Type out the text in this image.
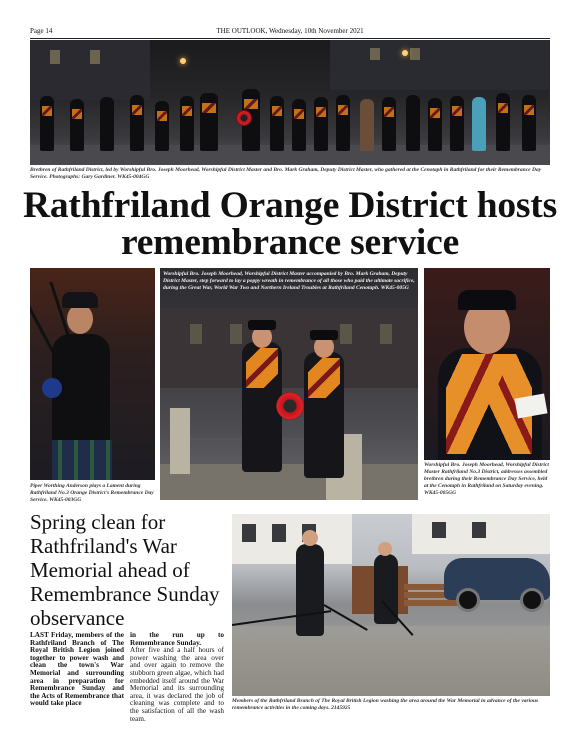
Page 14	THE OUTLOOK, Wednesday, 10th November 2021
Brethren of Rathfriland District, led by Worshipful Bro. Joseph Moorhead, Worshipful District Master and Bro. Mark Graham, Deputy District Master, who gathered at the Cenotaph in Rathfriland for their Remembrance Day Service. Photographs: Gary Gardiner. WK45-004GG
Rathfriland Orange District hosts remembrance service
Piper Worthing Anderson plays a Lament during Rathfriland No.3 Orange District's Remembrance Day Service. WK45-003GG
Worshipful Bro. Joseph Moorhead, Worshipful District Master accompanied by Bro. Mark Graham, Deputy District Master, step forward to lay a poppy wreath in remembrance of all those who paid the ultimate sacrifice, during the Great War, World War Two and Northern Ireland Troubles at Rathfriland Cenotaph. WK45-005G
Worshipful Bro. Joseph Moorhead, Worshipful District Master Rathfriland No.3 District, addresses assembled brethren during their Remembrance Day Service, held at the Cenotaph in Rathfriland on Saturday evening. WK45-005GG
Spring clean for Rathfriland's War Memorial ahead of Remembrance Sunday observance
LAST Friday, members of the Rathfriland Branch of The Royal British Legion joined together to power wash and clean the town's War Memorial and surrounding area in preparation for Remembrance Sunday and the Acts of Remembrance that would take place
in the run up to Remembrance Sunday.
After five and a half hours of power washing the area over and over again to remove the stubborn green algae, which had embedded itself around the War Memorial and its surrounding area, it was declared the job of cleaning was complete and to the satisfaction of all the wash team.
Members of the Rathfriland Branch of The Royal British Legion washing the area around the War Memorial in advance of the various remembrance activities in the coming days. 2145925
